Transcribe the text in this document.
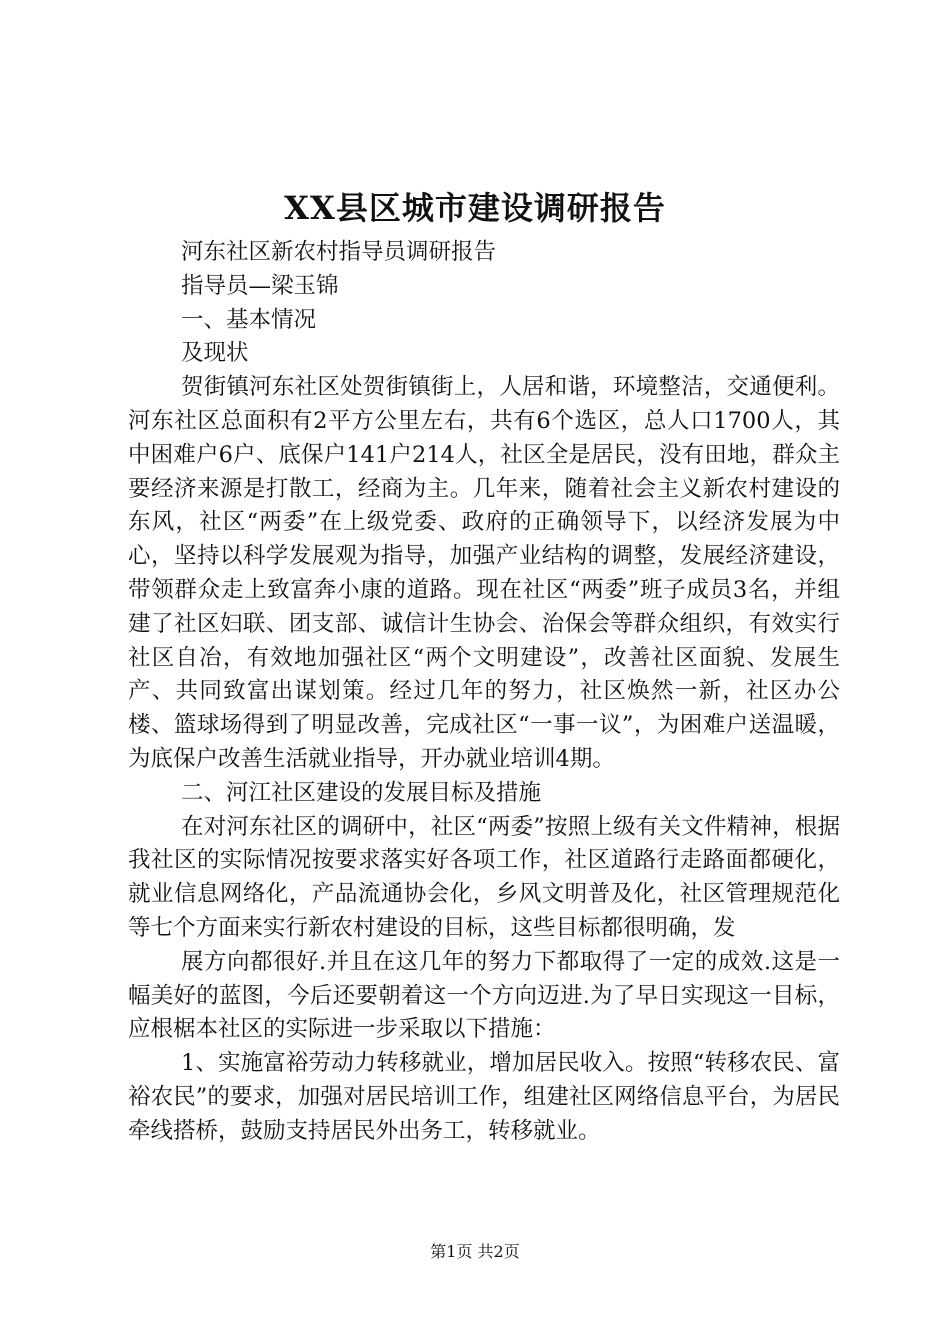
XX县区城市建设调研报告

河东社区新农村指导员调研报告

指导员—梁玉锦

一、基本情况

及现状

贺街镇河东社区处贺街镇街上，人居和谐，环境整洁，交通便利。河东社区总面积有2平方公里左右，共有6个选区，总人口1700人，其中困难户6户、底保户141户214人，社区全是居民，没有田地，群众主要经济来源是打散工，经商为主。几年来，随着社会主义新农村建设的东风，社区“两委”在上级党委、政府的正确领导下，以经济发展为中心，坚持以科学发展观为指导，加强产业结构的调整，发展经济建设，带领群众走上致富奔小康的道路。现在社区“两委”班子成员3名，并组建了社区妇联、团支部、诚信计生协会、治保会等群众组织，有效实行社区自冶，有效地加强社区“两个文明建设”，改善社区面貌、发展生产、共同致富出谋划策。经过几年的努力，社区焕然一新，社区办公楼、篮球场得到了明显改善，完成社区“一事一议”，为困难户送温暖，为底保户改善生活就业指导，开办就业培训4期。

二、河江社区建设的发展目标及措施

在对河东社区的调研中，社区“两委”按照上级有关文件精神，根据我社区的实际情况按要求落实好各项工作，社区道路行走路面都硬化，就业信息网络化，产品流通协会化，乡风文明普及化，社区管理规范化等七个方面来实行新农村建设的目标，这些目标都很明确，发

展方向都很好.并且在这几年的努力下都取得了一定的成效.这是一幅美好的蓝图，今后还要朝着这一个方向迈进.为了早日实现这一目标，应根椐本社区的实际进一步采取以下措施：

1、实施富裕劳动力转移就业，增加居民收入。按照“转移农民、富裕农民”的要求，加强对居民培训工作，组建社区网络信息平台，为居民牵线搭桥，鼓励支持居民外出务工，转移就业。

第1页 共2页
